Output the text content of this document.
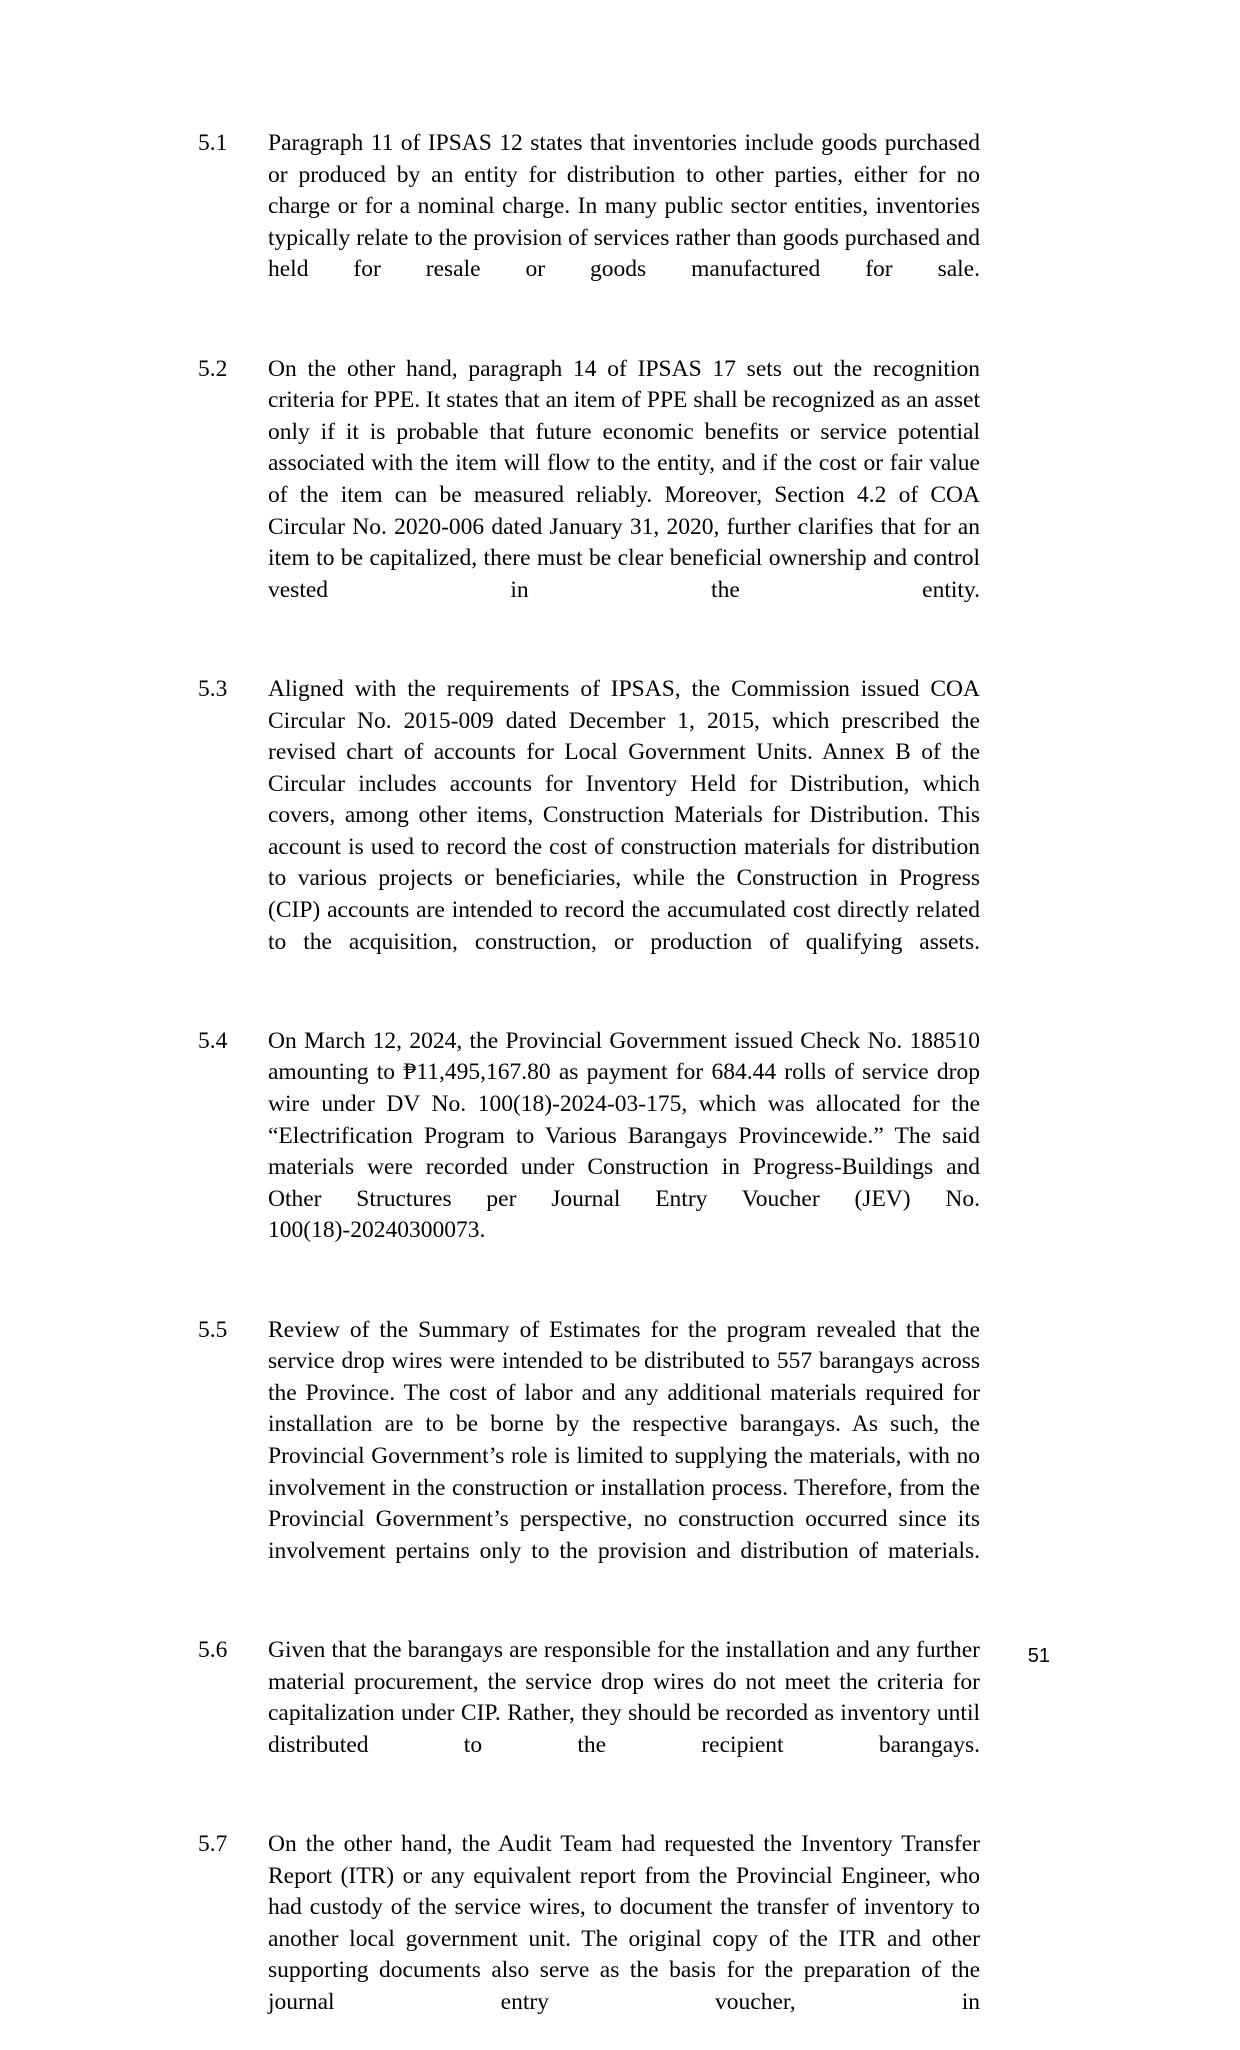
5.1 Paragraph 11 of IPSAS 12 states that inventories include goods purchased or produced by an entity for distribution to other parties, either for no charge or for a nominal charge. In many public sector entities, inventories typically relate to the provision of services rather than goods purchased and held for resale or goods manufactured for sale.
5.2 On the other hand, paragraph 14 of IPSAS 17 sets out the recognition criteria for PPE. It states that an item of PPE shall be recognized as an asset only if it is probable that future economic benefits or service potential associated with the item will flow to the entity, and if the cost or fair value of the item can be measured reliably. Moreover, Section 4.2 of COA Circular No. 2020-006 dated January 31, 2020, further clarifies that for an item to be capitalized, there must be clear beneficial ownership and control vested in the entity.
5.3 Aligned with the requirements of IPSAS, the Commission issued COA Circular No. 2015-009 dated December 1, 2015, which prescribed the revised chart of accounts for Local Government Units. Annex B of the Circular includes accounts for Inventory Held for Distribution, which covers, among other items, Construction Materials for Distribution. This account is used to record the cost of construction materials for distribution to various projects or beneficiaries, while the Construction in Progress (CIP) accounts are intended to record the accumulated cost directly related to the acquisition, construction, or production of qualifying assets.
5.4 On March 12, 2024, the Provincial Government issued Check No. 188510 amounting to ₱11,495,167.80 as payment for 684.44 rolls of service drop wire under DV No. 100(18)-2024-03-175, which was allocated for the “Electrification Program to Various Barangays Provincewide.” The said materials were recorded under Construction in Progress-Buildings and Other Structures per Journal Entry Voucher (JEV) No. 100(18)-20240300073.
5.5 Review of the Summary of Estimates for the program revealed that the service drop wires were intended to be distributed to 557 barangays across the Province. The cost of labor and any additional materials required for installation are to be borne by the respective barangays. As such, the Provincial Government’s role is limited to supplying the materials, with no involvement in the construction or installation process. Therefore, from the Provincial Government’s perspective, no construction occurred since its involvement pertains only to the provision and distribution of materials.
5.6 Given that the barangays are responsible for the installation and any further material procurement, the service drop wires do not meet the criteria for capitalization under CIP. Rather, they should be recorded as inventory until distributed to the recipient barangays.
5.7 On the other hand, the Audit Team had requested the Inventory Transfer Report (ITR) or any equivalent report from the Provincial Engineer, who had custody of the service wires, to document the transfer of inventory to another local government unit. The original copy of the ITR and other supporting documents also serve as the basis for the preparation of the journal entry voucher, in
51
